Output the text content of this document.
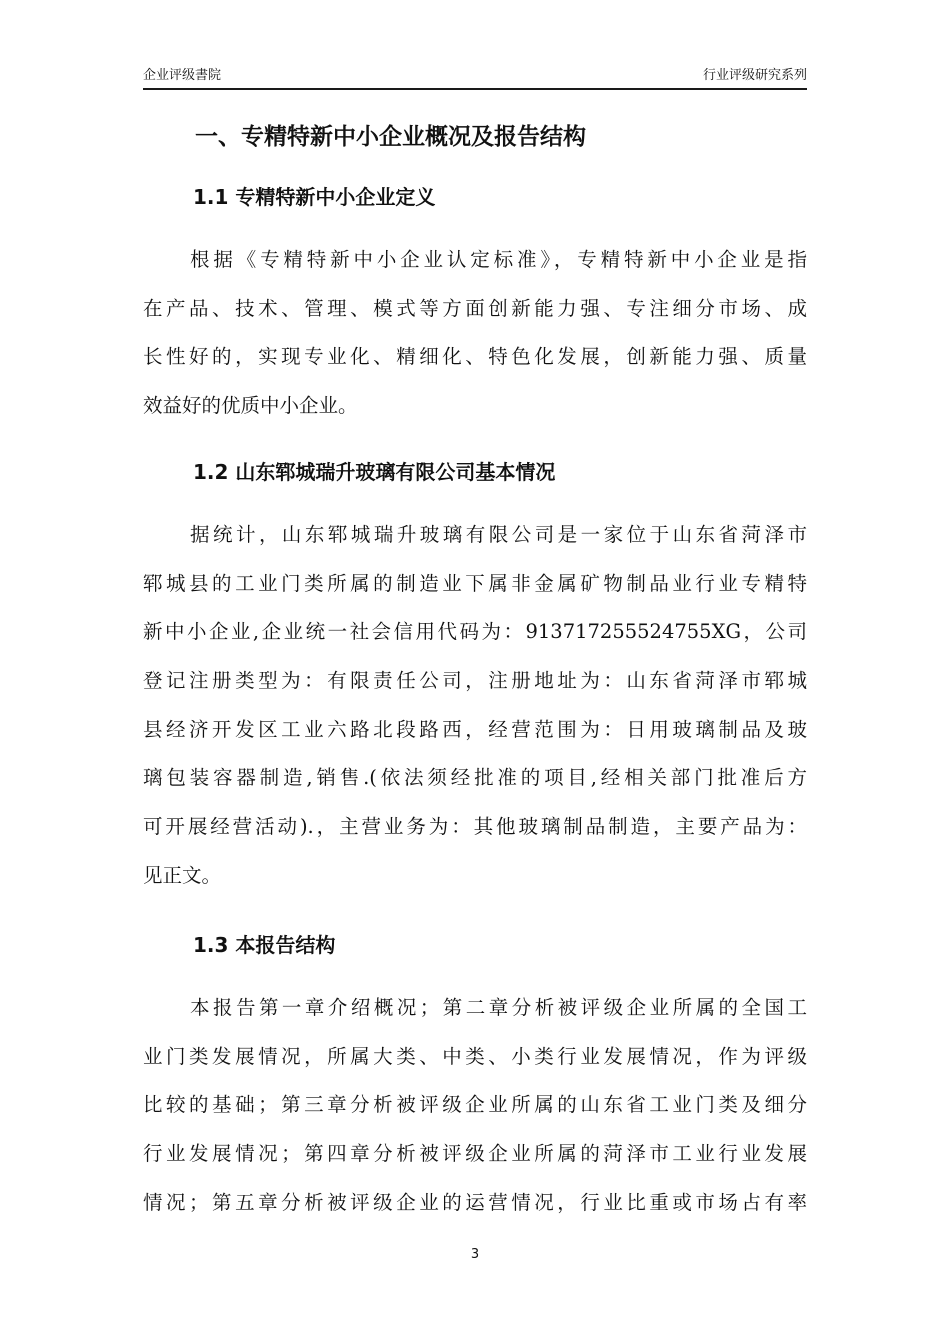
企业评级書院	行业评级研究系列
一、专精特新中小企业概况及报告结构
1.1 专精特新中小企业定义
根据《专精特新中小企业认定标准》，专精特新中小企业是指
在产品、技术、管理、模式等方面创新能力强、专注细分市场、成
长性好的，实现专业化、精细化、特色化发展，创新能力强、质量
效益好的优质中小企业。
1.2 山东郓城瑞升玻璃有限公司基本情况
据统计，山东郓城瑞升玻璃有限公司是一家位于山东省菏泽市
郓城县的工业门类所属的制造业下属非金属矿物制品业行业专精特
新中小企业,企业统一社会信用代码为：913717255524755XG，公司
登记注册类型为：有限责任公司，注册地址为：山东省菏泽市郓城
县经济开发区工业六路北段路西，经营范围为：日用玻璃制品及玻
璃包装容器制造,销售.(依法须经批准的项目,经相关部门批准后方
可开展经营活动).，主营业务为：其他玻璃制品制造，主要产品为：
见正文。
1.3 本报告结构
本报告第一章介绍概况；第二章分析被评级企业所属的全国工
业门类发展情况，所属大类、中类、小类行业发展情况，作为评级
比较的基础；第三章分析被评级企业所属的山东省工业门类及细分
行业发展情况；第四章分析被评级企业所属的菏泽市工业行业发展
情况；第五章分析被评级企业的运营情况，行业比重或市场占有率
3
